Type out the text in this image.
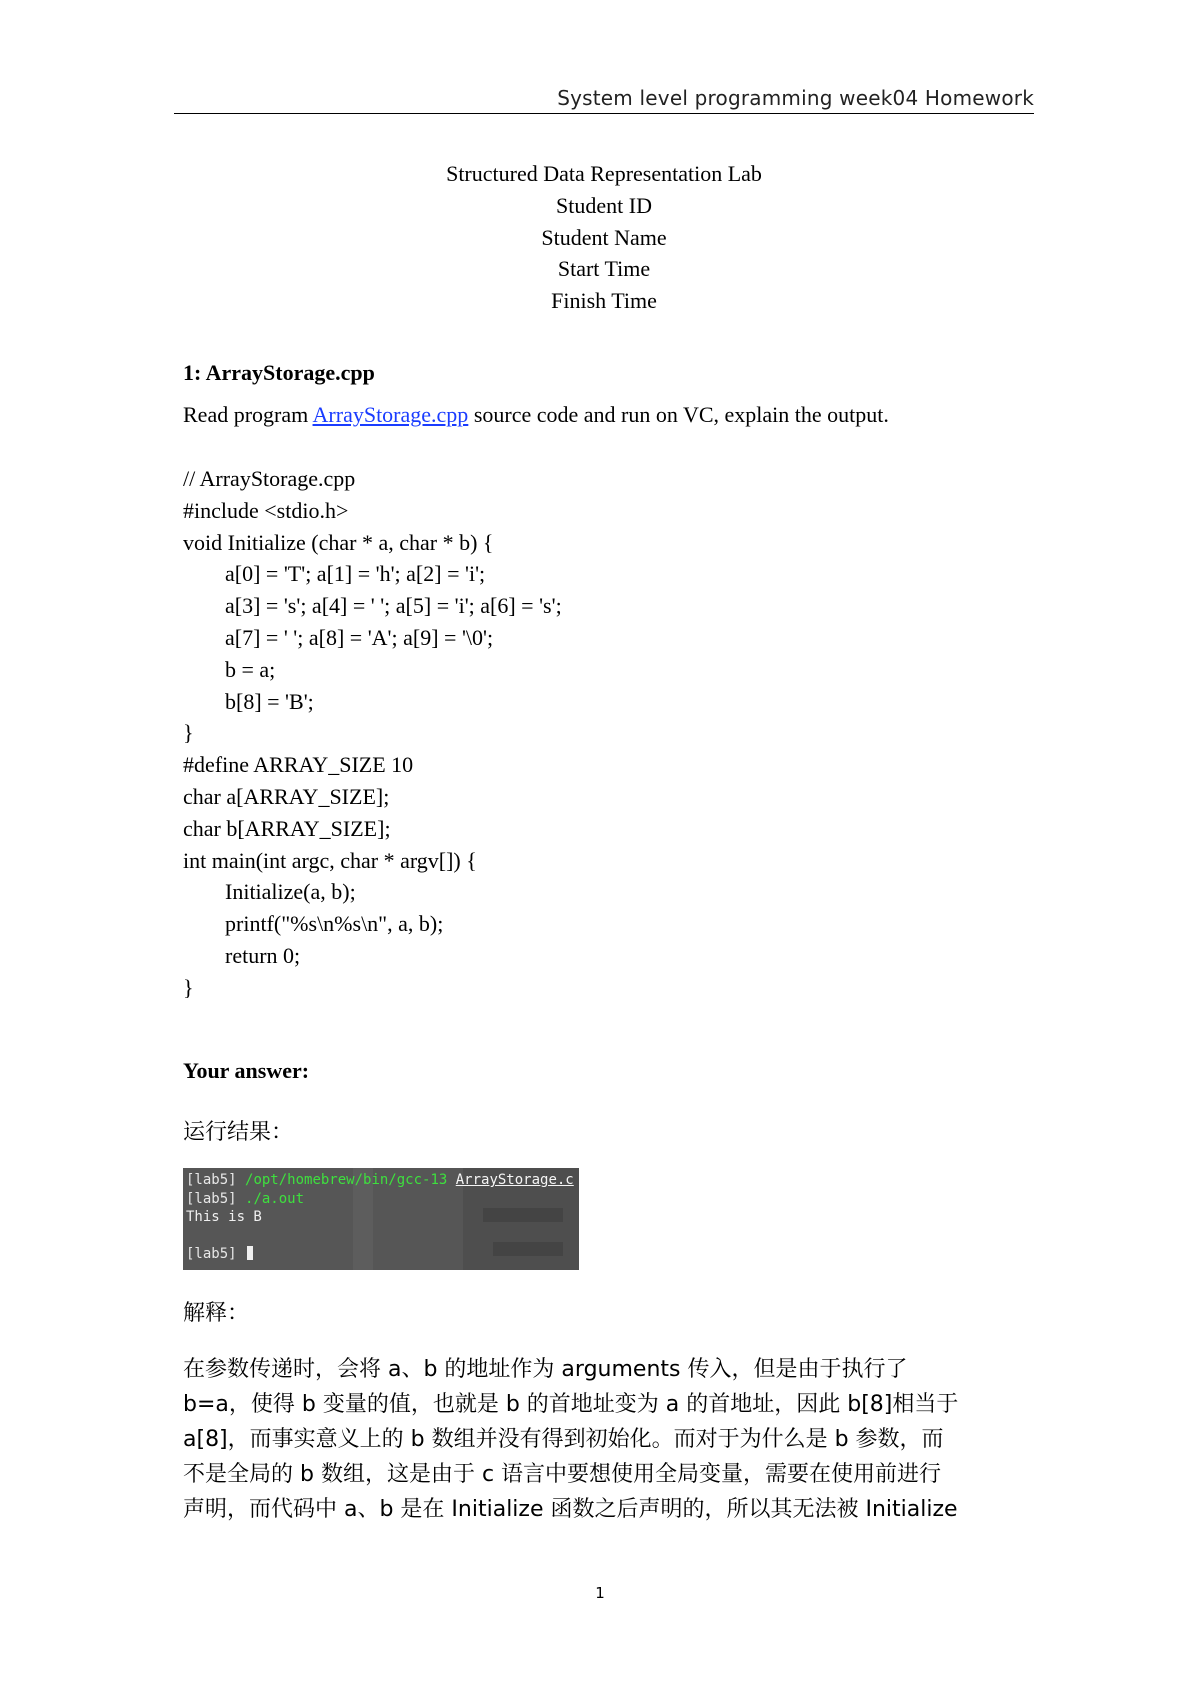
System level programming week04 Homework
Structured Data Representation Lab
Student ID
Student Name
Start Time
Finish Time
1: ArrayStorage.cpp
Read program ArrayStorage.cpp source code and run on VC, explain the output.
// ArrayStorage.cpp
#include <stdio.h>
void Initialize (char * a, char * b) {
a[0] = 'T'; a[1] = 'h'; a[2] = 'i';
a[3] = 's'; a[4] = ' '; a[5] = 'i'; a[6] = 's';
a[7] = ' '; a[8] = 'A'; a[9] = '\0';
b = a;
b[8] = 'B';
}
#define ARRAY_SIZE 10
char a[ARRAY_SIZE];
char b[ARRAY_SIZE];
int main(int argc, char * argv[]) {
Initialize(a, b);
printf("%s\n%s\n", a, b);
return 0;
}
Your answer:
运行结果：
[lab5] /opt/homebrew/bin/gcc-13 ArrayStorage.c
[lab5] ./a.out
This is B
[lab5]
解释：
在参数传递时，会将 a、b 的地址作为 arguments 传入，但是由于执行了
b=a，使得 b 变量的值，也就是 b 的首地址变为 a 的首地址，因此 b[8]相当于
a[8]，而事实意义上的 b 数组并没有得到初始化。而对于为什么是 b 参数，而
不是全局的 b 数组，这是由于 c 语言中要想使用全局变量，需要在使用前进行
声明，而代码中 a、b 是在 Initialize 函数之后声明的，所以其无法被 Initialize
1
